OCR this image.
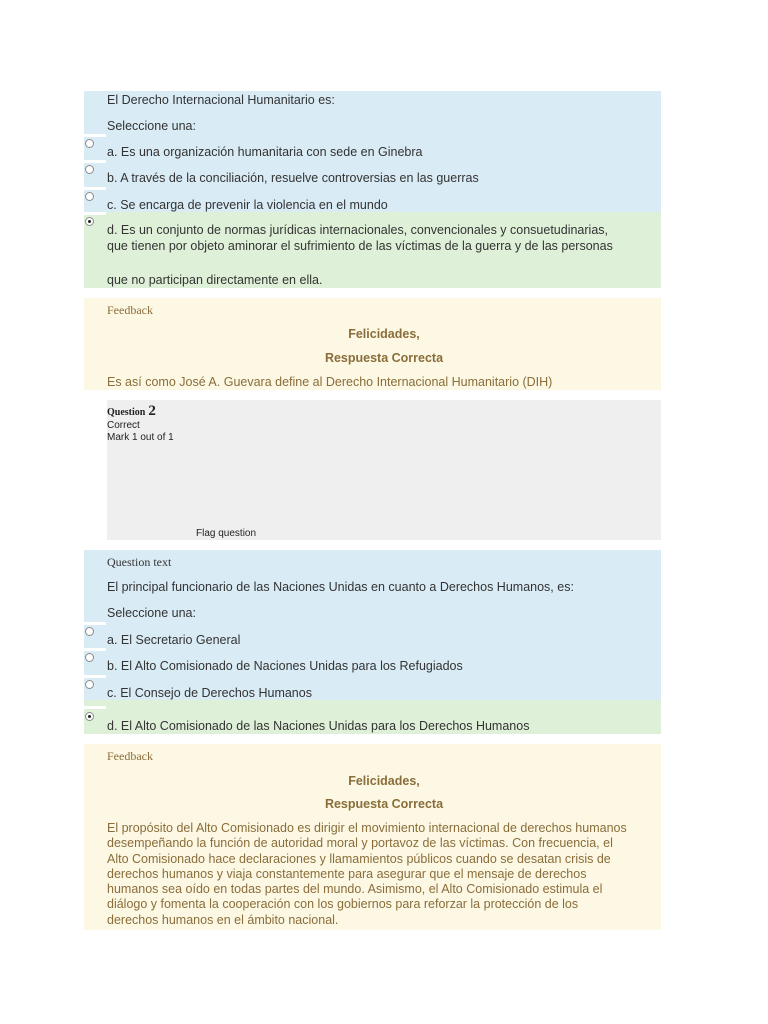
El Derecho Internacional Humanitario es:
Seleccione una:
a. Es una organización humanitaria con sede en Ginebra
b. A través de la conciliación, resuelve controversias en las guerras
c. Se encarga de prevenir la violencia en el mundo
d. Es un conjunto de normas jurídicas internacionales, convencionales y consuetudinarias,
que tienen por objeto aminorar el sufrimiento de las víctimas de la guerra y de las personas
que no participan directamente en ella.
Feedback
Felicidades,
Respuesta Correcta
Es así como José A. Guevara define al Derecho Internacional Humanitario (DIH)
Question 2
Correct
Mark 1 out of 1
Flag question
Question text
El principal funcionario de las Naciones Unidas en cuanto a Derechos Humanos, es:
Seleccione una:
a. El Secretario General
b. El Alto Comisionado de Naciones Unidas para los Refugiados
c. El Consejo de Derechos Humanos
d. El Alto Comisionado de las Naciones Unidas para los Derechos Humanos
Feedback
Felicidades,
Respuesta Correcta
El propósito del Alto Comisionado es dirigir el movimiento internacional de derechos humanos
desempeñando la función de autoridad moral y portavoz de las víctimas. Con frecuencia, el
Alto Comisionado hace declaraciones y llamamientos públicos cuando se desatan crisis de
derechos humanos y viaja constantemente para asegurar que el mensaje de derechos
humanos sea oído en todas partes del mundo. Asimismo, el Alto Comisionado estimula el
diálogo y fomenta la cooperación con los gobiernos para reforzar la protección de los
derechos humanos en el ámbito nacional.
